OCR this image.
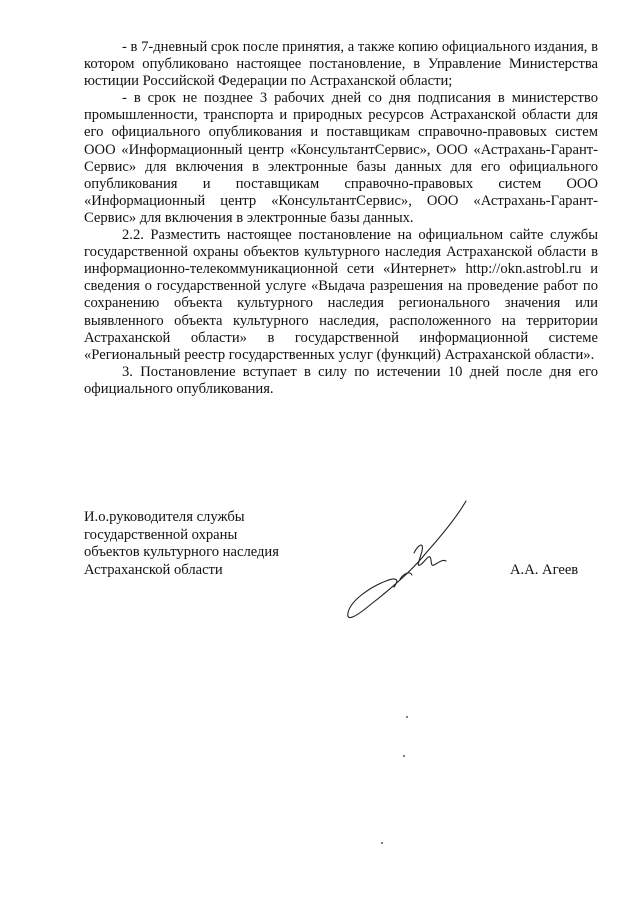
- в 7-дневный срок после принятия, а также копию официального издания, в котором опубликовано настоящее постановление, в Управление Министерства юстиции Российской Федерации по Астраханской области;

- в срок не позднее 3 рабочих дней со дня подписания в министерство промышленности, транспорта и природных ресурсов Астраханской области для его официального опубликования и поставщикам справочно-правовых систем ООО «Информационный центр «КонсультантСервис», ООО «Астрахань-Гарант-Сервис» для включения в электронные базы данных для его официального опубликования и поставщикам справочно-правовых систем ООО «Информационный центр «КонсультантСервис», ООО «Астрахань-Гарант-Сервис» для включения в электронные базы данных.

2.2. Разместить настоящее постановление на официальном сайте службы государственной охраны объектов культурного наследия Астраханской области в информационно-телекоммуникационной сети «Интернет» http://okn.astrobl.ru и сведения о государственной услуге «Выдача разрешения на проведение работ по сохранению объекта культурного наследия регионального значения или выявленного объекта культурного наследия, расположенного на территории Астраханской области» в государственной информационной системе «Региональный реестр государственных услуг (функций) Астраханской области».

3. Постановление вступает в силу по истечении 10 дней после дня его официального опубликования.

И.о.руководителя службы
государственной охраны
объектов культурного наследия
Астраханской области	А.А. Агеев
